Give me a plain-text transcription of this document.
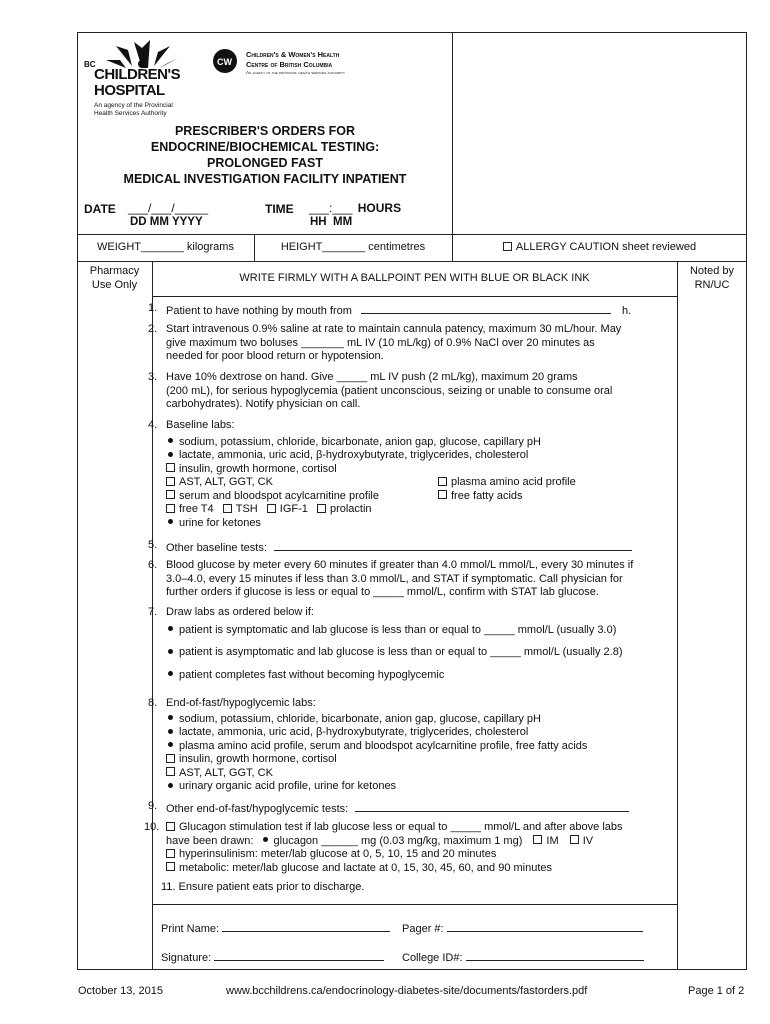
BC
CHILDREN'S
HOSPITAL
An agency of the Provincial
Health Services Authority
CW
Children's & Women's Health
Centre of British Columbia
An agency of the provincial health services authority
PRESCRIBER'S ORDERS FOR
ENDOCRINE/BIOCHEMICAL TESTING:
PROLONGED FAST
MEDICAL INVESTIGATION FACILITY INPATIENT
DATE ___/___/_____
DD MM YYYY
TIME ___:___ HOURS
HH  MM
WEIGHT_______ kilograms	HEIGHT_______ centimetres	ALLERGY CAUTION sheet reviewed
Pharmacy
Use Only
WRITE FIRMLY WITH A BALLPOINT PEN WITH BLUE OR BLACK INK
Noted by
RN/UC
1. Patient to have nothing by mouth from	h.
2. Start intravenous 0.9% saline at rate to maintain cannula patency, maximum 30 mL/hour. May
give maximum two boluses _______ mL IV (10 mL/kg) of 0.9% NaCl over 20 minutes as
needed for poor blood return or hypotension.
3. Have 10% dextrose on hand. Give _____ mL IV push (2 mL/kg), maximum 20 grams
(200 mL), for serious hypoglycemia (patient unconscious, seizing or unable to consume oral
carbohydrates). Notify physician on call.
4. Baseline labs:
sodium, potassium, chloride, bicarbonate, anion gap, glucose, capillary pH
lactate, ammonia, uric acid, β-hydroxybutyrate, triglycerides, cholesterol
insulin, growth hormone, cortisol
AST, ALT, GGT, CK	plasma amino acid profile
serum and bloodspot acylcarnitine profile	free fatty acids
free T4 TSH IGF-1 prolactin
urine for ketones
5. Other baseline tests:
6. Blood glucose by meter every 60 minutes if greater than 4.0 mmol/L mmol/L, every 30 minutes if
3.0–4.0, every 15 minutes if less than 3.0 mmol/L, and STAT if symptomatic. Call physician for
further orders if glucose is less or equal to _____ mmol/L, confirm with STAT lab glucose.
7. Draw labs as ordered below if:
patient is symptomatic and lab glucose is less than or equal to _____ mmol/L (usually 3.0)
patient is asymptomatic and lab glucose is less than or equal to _____ mmol/L (usually 2.8)
patient completes fast without becoming hypoglycemic
8. End-of-fast/hypoglycemic labs:
sodium, potassium, chloride, bicarbonate, anion gap, glucose, capillary pH
lactate, ammonia, uric acid, β-hydroxybutyrate, triglycerides, cholesterol
plasma amino acid profile, serum and bloodspot acylcarnitine profile, free fatty acids
insulin, growth hormone, cortisol
AST, ALT, GGT, CK
urinary organic acid profile, urine for ketones
9. Other end-of-fast/hypoglycemic tests:
10.	Glucagon stimulation test if lab glucose less or equal to _____ mmol/L and after above labs
have been drawn: glucagon ______ mg (0.03 mg/kg, maximum 1 mg) IM IV
hyperinsulinism: meter/lab glucose at 0, 5, 10, 15 and 20 minutes
metabolic: meter/lab glucose and lactate at 0, 15, 30, 45, 60, and 90 minutes
11. Ensure patient eats prior to discharge.
Print Name:	Pager #:
Signature:	College ID#:
October 13, 2015	www.bcchildrens.ca/endocrinology-diabetes-site/documents/fastorders.pdf	Page 1 of 2
